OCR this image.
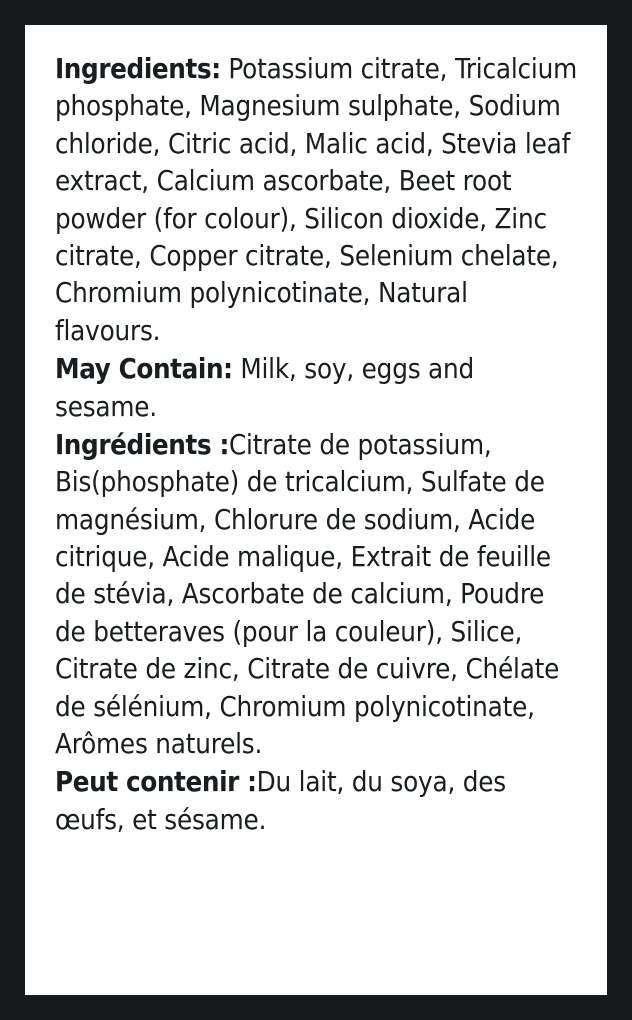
Ingredients: Potassium citrate, Tricalcium phosphate, Magnesium sulphate, Sodium chloride, Citric acid, Malic acid, Stevia leaf extract, Calcium ascorbate, Beet root powder (for colour), Silicon dioxide, Zinc citrate, Copper citrate, Selenium chelate, Chromium polynicotinate, Natural flavours.

May Contain: Milk, soy, eggs and sesame.

Ingrédients :Citrate de potassium, Bis(phosphate) de tricalcium, Sulfate de magnésium, Chlorure de sodium, Acide citrique, Acide malique, Extrait de feuille de stévia, Ascorbate de calcium, Poudre de betteraves (pour la couleur), Silice, Citrate de zinc, Citrate de cuivre, Chélate de sélénium, Chromium polynicotinate, Arômes naturels.

Peut contenir :Du lait, du soya, des œufs, et sésame.
